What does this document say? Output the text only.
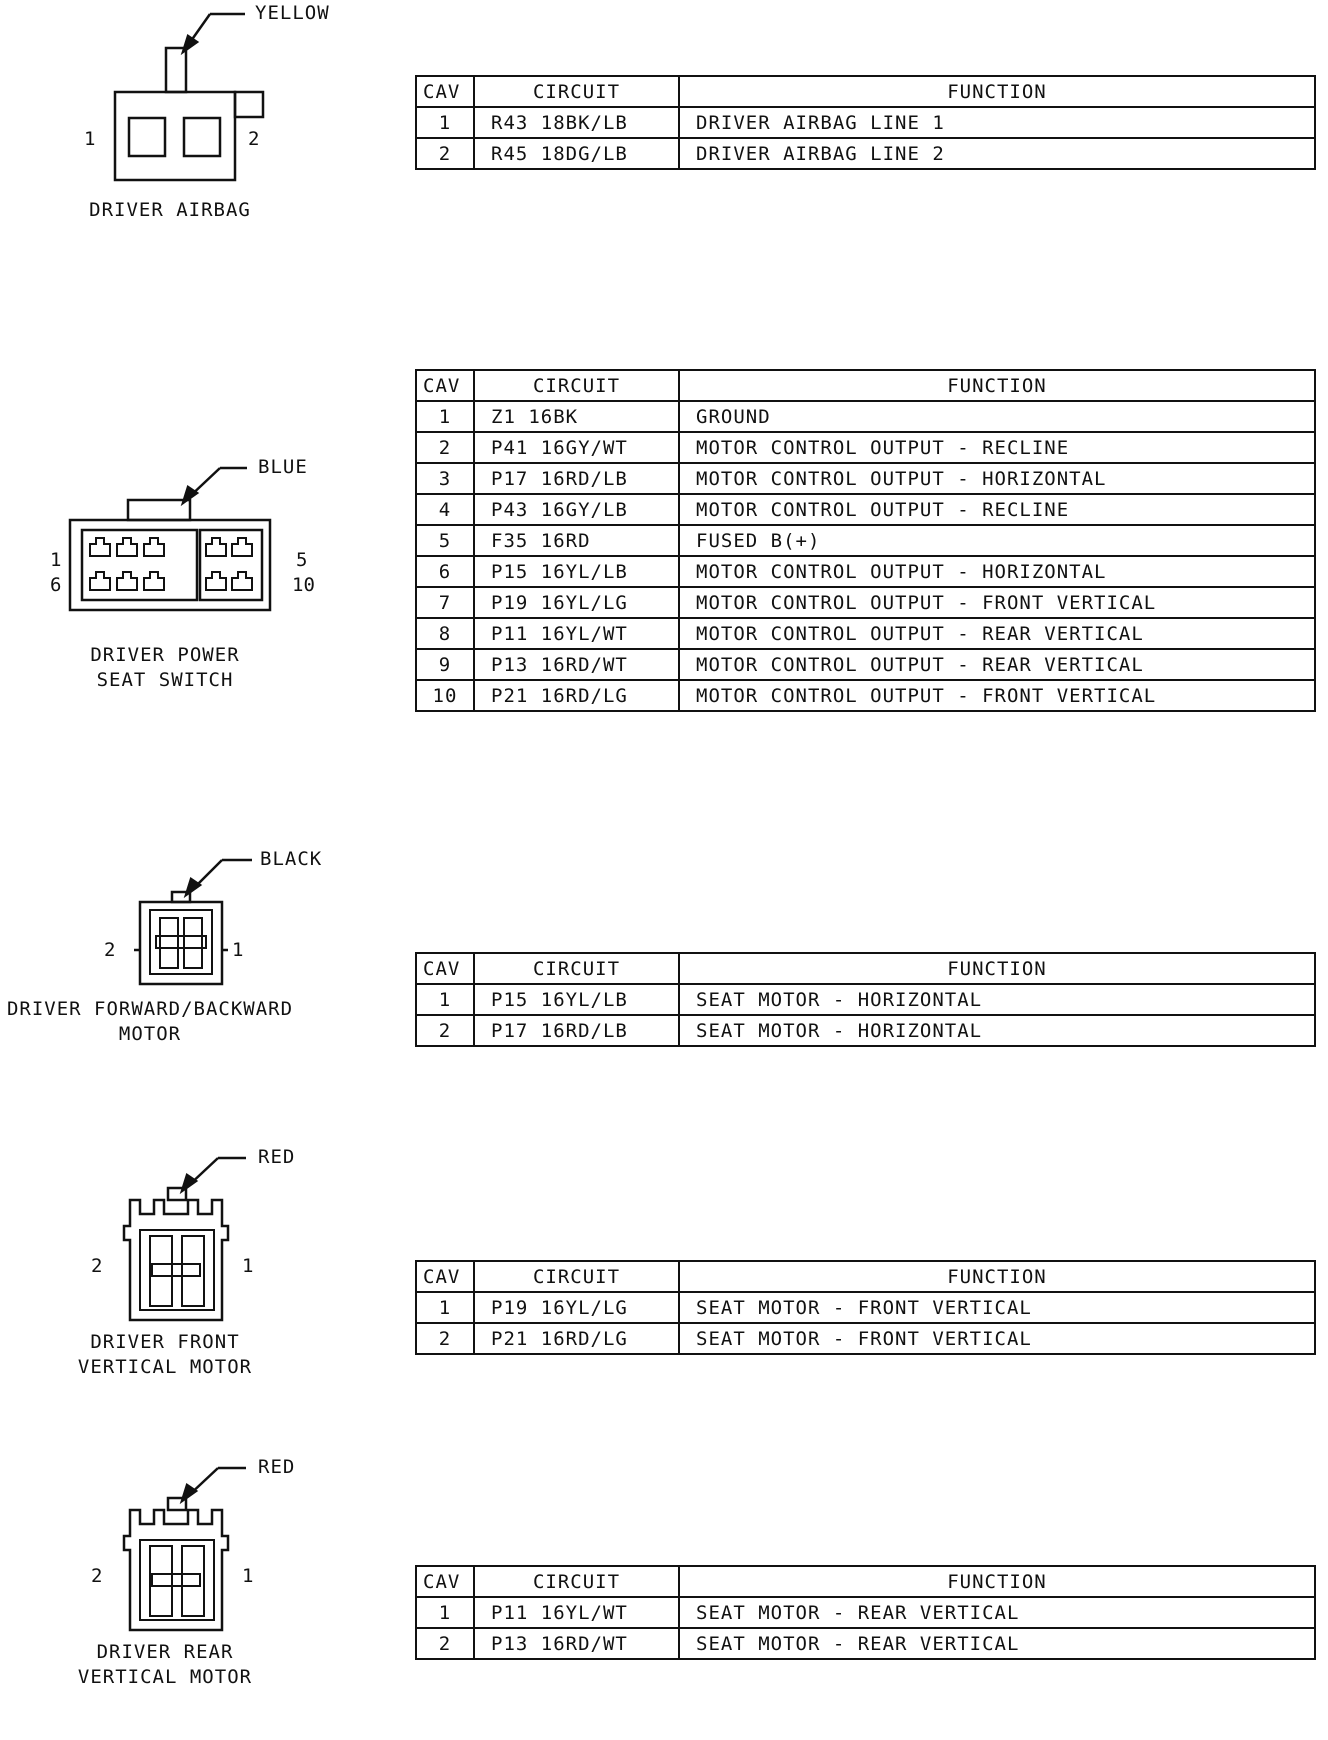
YELLOW
1	2
DRIVER AIRBAG
CAV	CIRCUIT	FUNCTION
1	R43 18BK/LB	DRIVER AIRBAG LINE 1
2	R45 18DG/LB	DRIVER AIRBAG LINE 2
BLUE
1	5
6	10
DRIVER POWER
SEAT SWITCH
CAV	CIRCUIT	FUNCTION
1	Z1 16BK	GROUND
2	P41 16GY/WT	MOTOR CONTROL OUTPUT - RECLINE
3	P17 16RD/LB	MOTOR CONTROL OUTPUT - HORIZONTAL
4	P43 16GY/LB	MOTOR CONTROL OUTPUT - RECLINE
5	F35 16RD	FUSED B(+)
6	P15 16YL/LB	MOTOR CONTROL OUTPUT - HORIZONTAL
7	P19 16YL/LG	MOTOR CONTROL OUTPUT - FRONT VERTICAL
8	P11 16YL/WT	MOTOR CONTROL OUTPUT - REAR VERTICAL
9	P13 16RD/WT	MOTOR CONTROL OUTPUT - REAR VERTICAL
10	P21 16RD/LG	MOTOR CONTROL OUTPUT - FRONT VERTICAL
BLACK
2	1
DRIVER FORWARD/BACKWARD
MOTOR
CAV	CIRCUIT	FUNCTION
1	P15 16YL/LB	SEAT MOTOR - HORIZONTAL
2	P17 16RD/LB	SEAT MOTOR - HORIZONTAL
RED
2	1
DRIVER FRONT
VERTICAL MOTOR
CAV	CIRCUIT	FUNCTION
1	P19 16YL/LG	SEAT MOTOR - FRONT VERTICAL
2	P21 16RD/LG	SEAT MOTOR - FRONT VERTICAL
RED
2	1
DRIVER REAR
VERTICAL MOTOR
CAV	CIRCUIT	FUNCTION
1	P11 16YL/WT	SEAT MOTOR - REAR VERTICAL
2	P13 16RD/WT	SEAT MOTOR - REAR VERTICAL
